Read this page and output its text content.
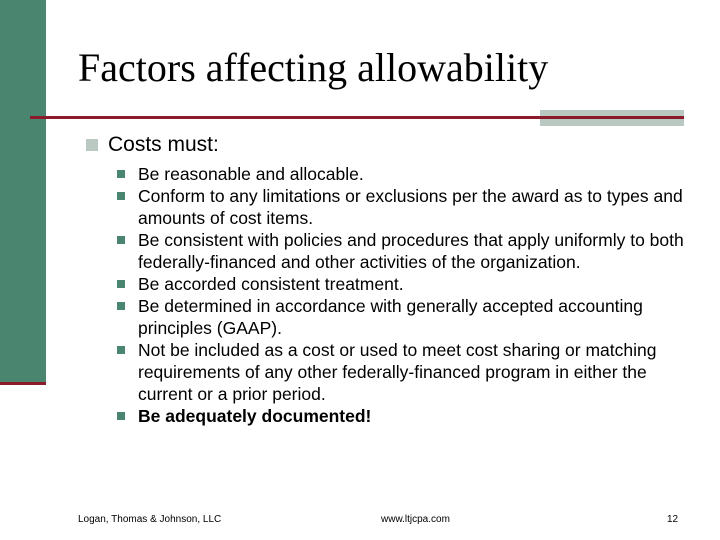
Factors affecting allowability
Costs must:
Be reasonable and allocable.
Conform to any limitations or exclusions per the award as to types and amounts of cost items.
Be consistent with policies and procedures that apply uniformly to both federally-financed and other activities of the organization.
Be accorded consistent treatment.
Be determined in accordance with generally accepted accounting principles (GAAP).
Not be included as a cost or used to meet cost sharing or matching requirements of any other federally-financed program in either the current or a prior period.
Be adequately documented!
Logan, Thomas & Johnson, LLC	www.ltjcpa.com	12
